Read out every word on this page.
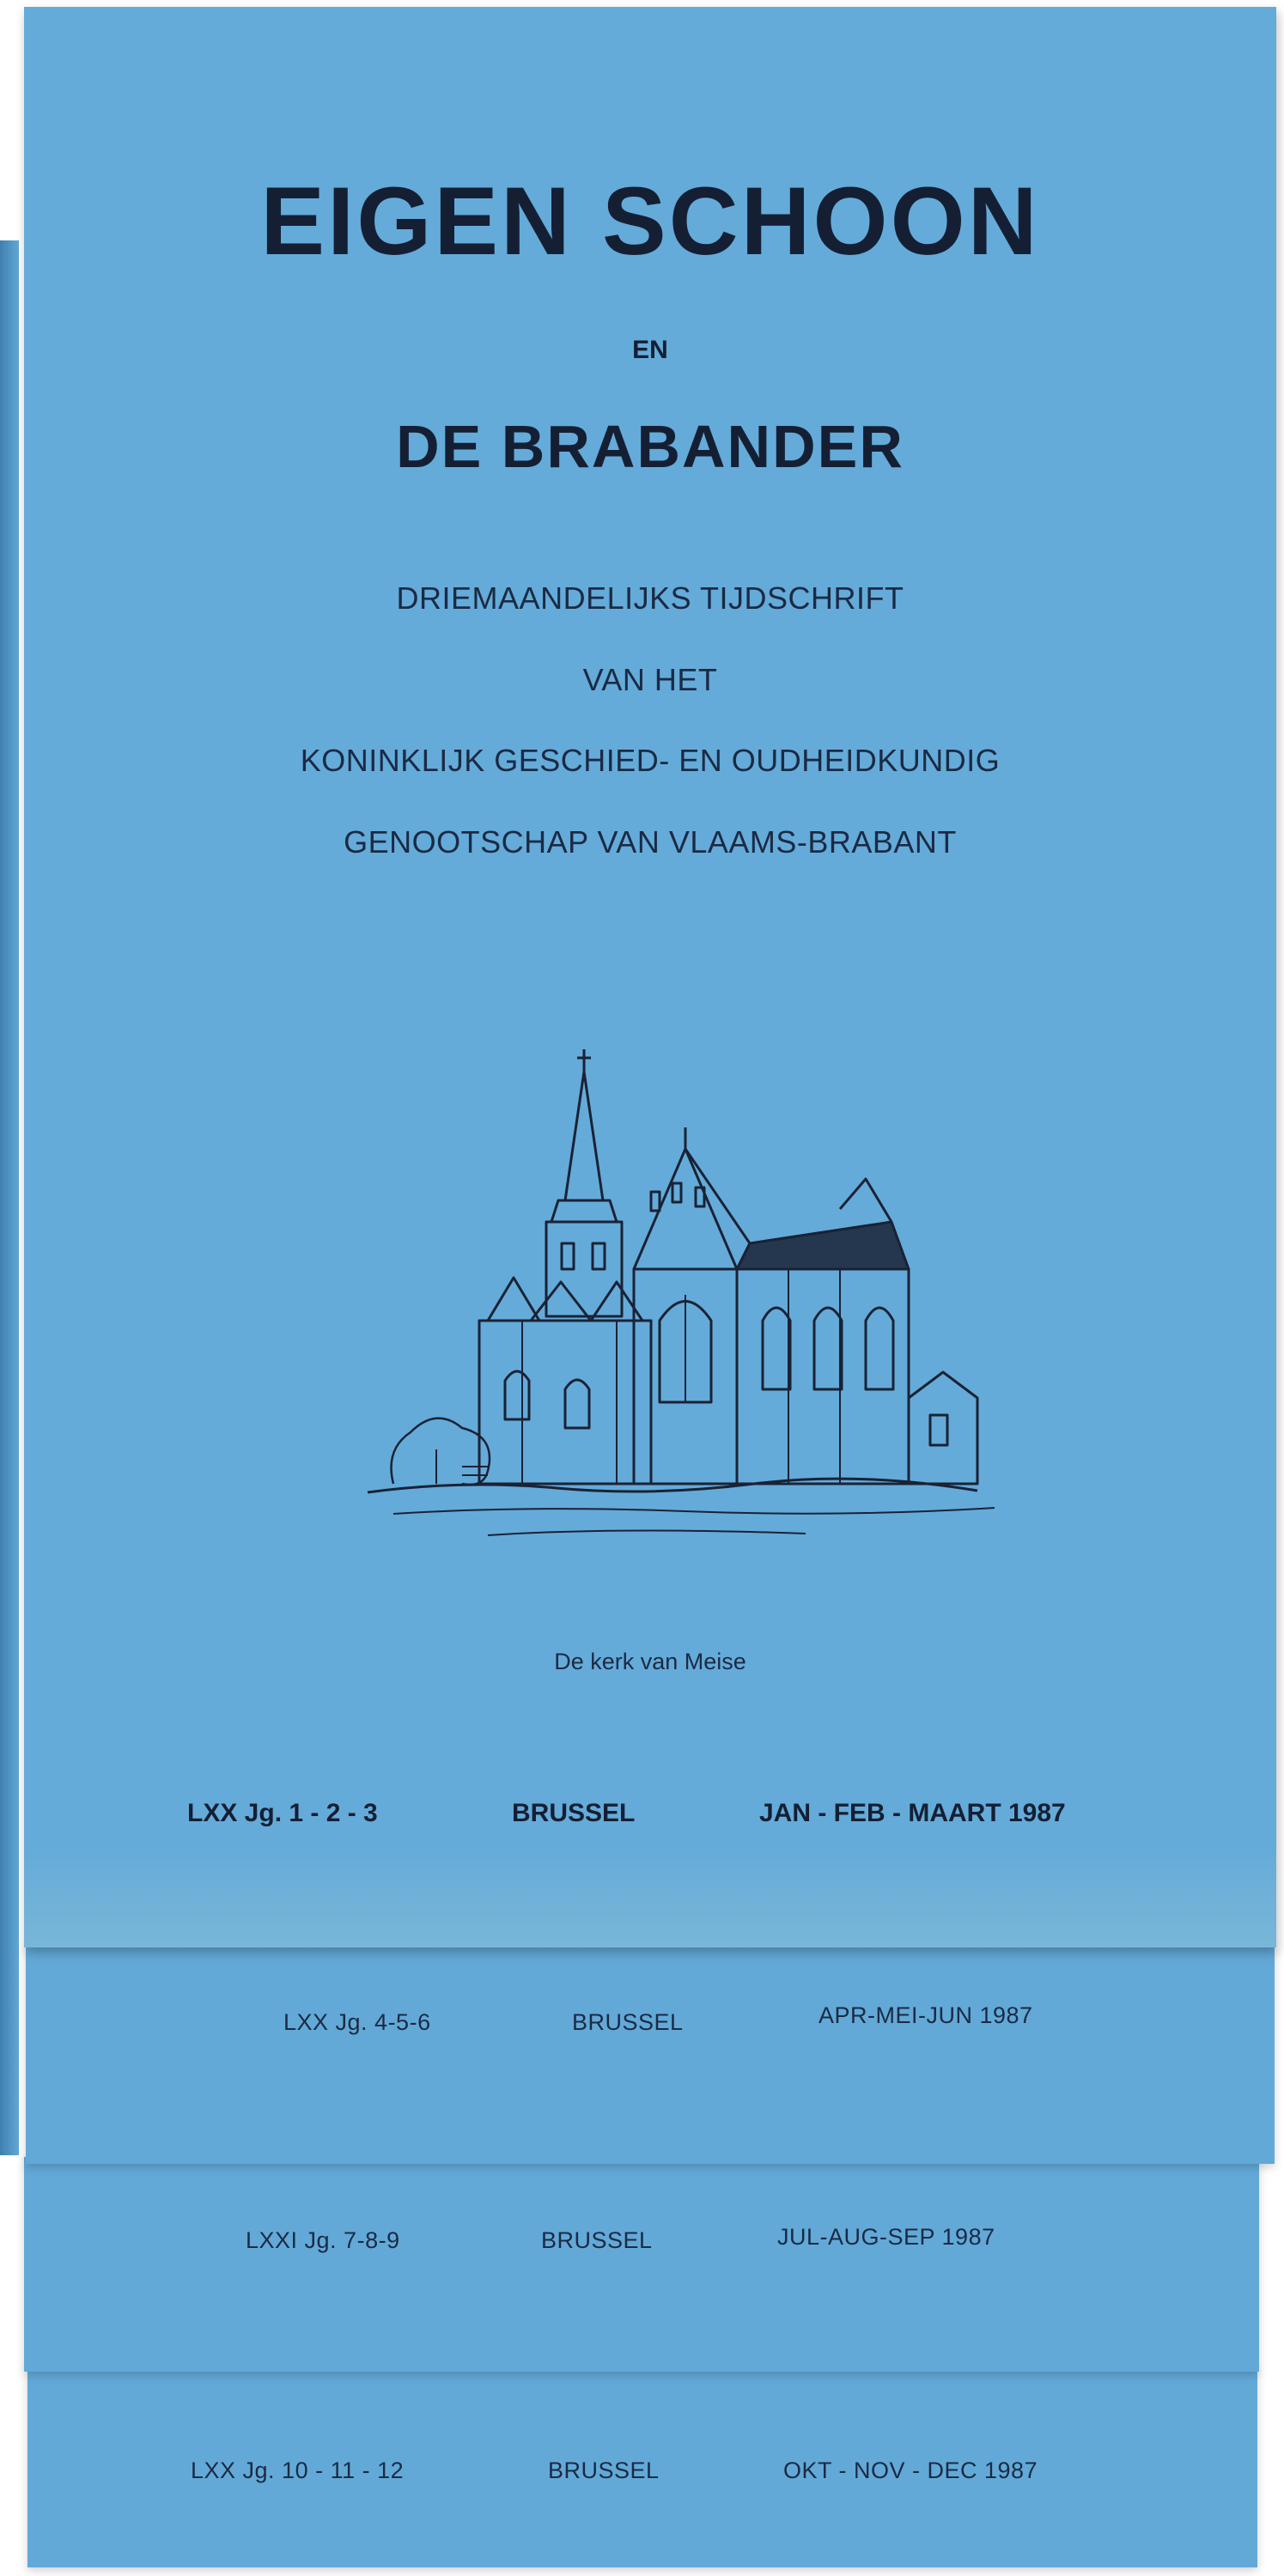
LXX Jg. 10 - 11 - 12	BRUSSEL	OKT - NOV - DEC 1987
LXXI Jg. 7-8-9	BRUSSEL	JUL-AUG-SEP 1987
LXX Jg. 4-5-6	BRUSSEL	APR-MEI-JUN 1987
EIGEN SCHOON
EN
DE BRABANDER
DRIEMAANDELIJKS TIJDSCHRIFT
VAN HET
KONINKLIJK GESCHIED- EN OUDHEIDKUNDIG
GENOOTSCHAP VAN VLAAMS-BRABANT
De kerk van Meise
LXX Jg. 1 - 2 - 3	BRUSSEL	JAN - FEB - MAART 1987
